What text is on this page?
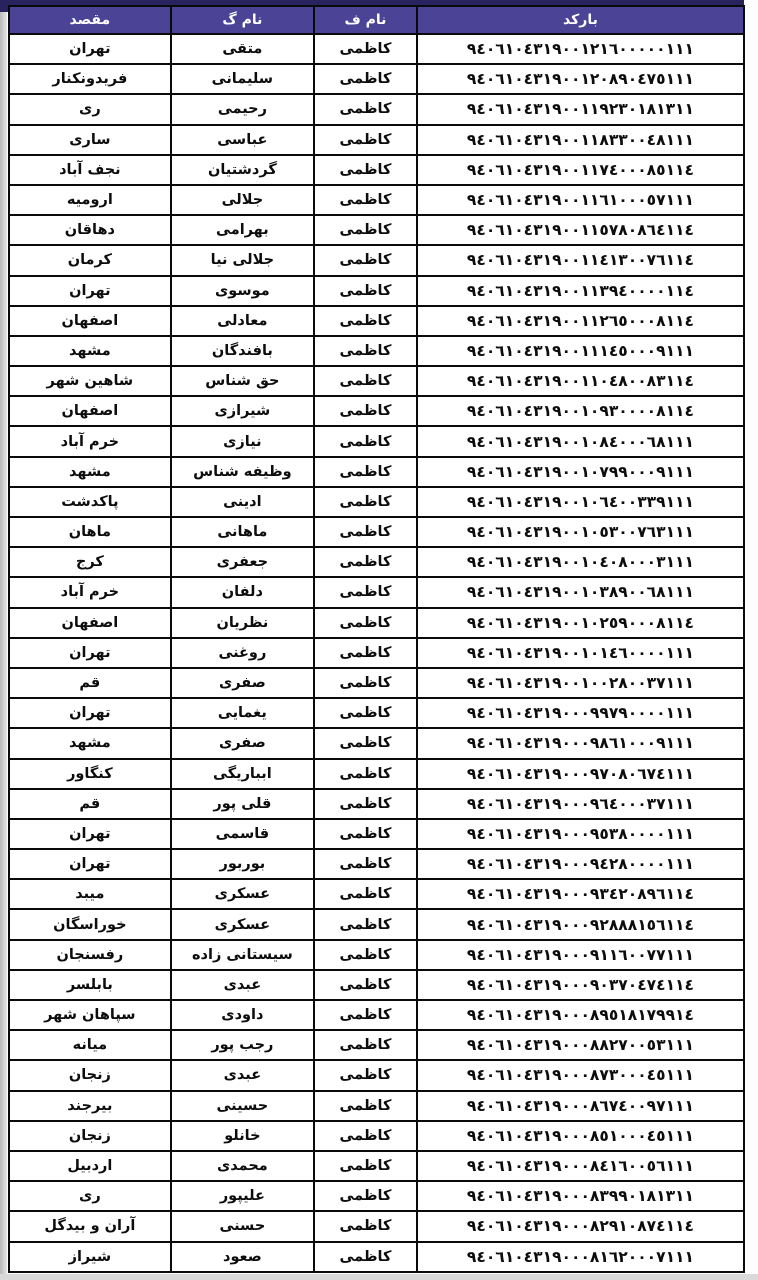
بارکد	نام ف	نام گ	مقصد
٩٤٠٦١٠٤٣١٩٠٠١٢١٦٠٠٠٠٠١١١	کاظمی	متقی	تهران
٩٤٠٦١٠٤٣١٩٠٠١٢٠٨٩٠٤٧٥١١١	کاظمی	سلیمانی	فریدونکنار
٩٤٠٦١٠٤٣١٩٠٠١١٩٢٣٠١٨١٣١١	کاظمی	رحیمی	ری
٩٤٠٦١٠٤٣١٩٠٠١١٨٣٣٠٠٤٨١١١	کاظمی	عباسی	ساری
٩٤٠٦١٠٤٣١٩٠٠١١٧٤٠٠٠٨٥١١٤	کاظمی	گردشتیان	نجف آباد
٩٤٠٦١٠٤٣١٩٠٠١١٦١٠٠٠٥٧١١١	کاظمی	جلالی	ارومیه
٩٤٠٦١٠٤٣١٩٠٠١١٥٧٨٠٨٦٤١١٤	کاظمی	بهرامی	دهاقان
٩٤٠٦١٠٤٣١٩٠٠١١٤١٣٠٠٧٦١١٤	کاظمی	جلالی نیا	کرمان
٩٤٠٦١٠٤٣١٩٠٠١١٣٩٤٠٠٠٠١١٤	کاظمی	موسوی	تهران
٩٤٠٦١٠٤٣١٩٠٠١١٢٦٥٠٠٠٨١١٤	کاظمی	معادلی	اصفهان
٩٤٠٦١٠٤٣١٩٠٠١١١٤٥٠٠٠٩١١١	کاظمی	بافندگان	مشهد
٩٤٠٦١٠٤٣١٩٠٠١١٠٤٨٠٠٨٣١١٤	کاظمی	حق شناس	شاهین شهر
٩٤٠٦١٠٤٣١٩٠٠١٠٩٣٠٠٠٠٨١١٤	کاظمی	شیرازی	اصفهان
٩٤٠٦١٠٤٣١٩٠٠١٠٨٤٠٠٠٦٨١١١	کاظمی	نیازی	خرم آباد
٩٤٠٦١٠٤٣١٩٠٠١٠٧٩٩٠٠٠٩١١١	کاظمی	وظیفه شناس	مشهد
٩٤٠٦١٠٤٣١٩٠٠١٠٦٤٠٠٣٣٩١١١	کاظمی	ادینی	پاکدشت
٩٤٠٦١٠٤٣١٩٠٠١٠٥٣٠٠٧٦٣١١١	کاظمی	ماهانی	ماهان
٩٤٠٦١٠٤٣١٩٠٠١٠٤٠٨٠٠٠٣١١١	کاظمی	جعفری	کرج
٩٤٠٦١٠٤٣١٩٠٠١٠٣٨٩٠٠٦٨١١١	کاظمی	دلفان	خرم آباد
٩٤٠٦١٠٤٣١٩٠٠١٠٢٥٩٠٠٠٨١١٤	کاظمی	نظریان	اصفهان
٩٤٠٦١٠٤٣١٩٠٠١٠١٤٦٠٠٠٠١١١	کاظمی	روغنی	تهران
٩٤٠٦١٠٤٣١٩٠٠١٠٠٢٨٠٠٣٧١١١	کاظمی	صفری	قم
٩٤٠٦١٠٤٣١٩٠٠٠٩٩٧٩٠٠٠٠١١١	کاظمی	یغمایی	تهران
٩٤٠٦١٠٤٣١٩٠٠٠٩٨٦١٠٠٠٩١١١	کاظمی	صفری	مشهد
٩٤٠٦١٠٤٣١٩٠٠٠٩٧٠٨٠٦٧٤١١١	کاظمی	ابباریگی	کنگاور
٩٤٠٦١٠٤٣١٩٠٠٠٩٦٤٠٠٠٣٧١١١	کاظمی	قلی پور	قم
٩٤٠٦١٠٤٣١٩٠٠٠٩٥٣٨٠٠٠٠١١١	کاظمی	قاسمی	تهران
٩٤٠٦١٠٤٣١٩٠٠٠٩٤٢٨٠٠٠٠١١١	کاظمی	بوربور	تهران
٩٤٠٦١٠٤٣١٩٠٠٠٩٣٤٢٠٨٩٦١١٤	کاظمی	عسکری	میبد
٩٤٠٦١٠٤٣١٩٠٠٠٩٢٨٨٨١٥٦١١٤	کاظمی	عسکری	خوراسگان
٩٤٠٦١٠٤٣١٩٠٠٠٩١١٦٠٠٧٧١١١	کاظمی	سیستانی زاده	رفسنجان
٩٤٠٦١٠٤٣١٩٠٠٠٩٠٣٧٠٤٧٤١١٤	کاظمی	عبدی	بابلسر
٩٤٠٦١٠٤٣١٩٠٠٠٨٩٥١٨١٧٩٩١٤	کاظمی	داودی	سپاهان شهر
٩٤٠٦١٠٤٣١٩٠٠٠٨٨٢٧٠٠٥٣١١١	کاظمی	رجب پور	میانه
٩٤٠٦١٠٤٣١٩٠٠٠٨٧٣٠٠٠٤٥١١١	کاظمی	عبدی	زنجان
٩٤٠٦١٠٤٣١٩٠٠٠٨٦٧٤٠٠٩٧١١١	کاظمی	حسینی	بیرجند
٩٤٠٦١٠٤٣١٩٠٠٠٨٥١٠٠٠٤٥١١١	کاظمی	خانلو	زنجان
٩٤٠٦١٠٤٣١٩٠٠٠٨٤١٦٠٠٥٦١١١	کاظمی	محمدی	اردبیل
٩٤٠٦١٠٤٣١٩٠٠٠٨٣٩٩٠١٨١٣١١	کاظمی	علیپور	ری
٩٤٠٦١٠٤٣١٩٠٠٠٨٢٩١٠٨٧٤١١٤	کاظمی	حسنی	آران و بیدگل
٩٤٠٦١٠٤٣١٩٠٠٠٨١٦٢٠٠٠٧١١١	کاظمی	صعود	شیراز
